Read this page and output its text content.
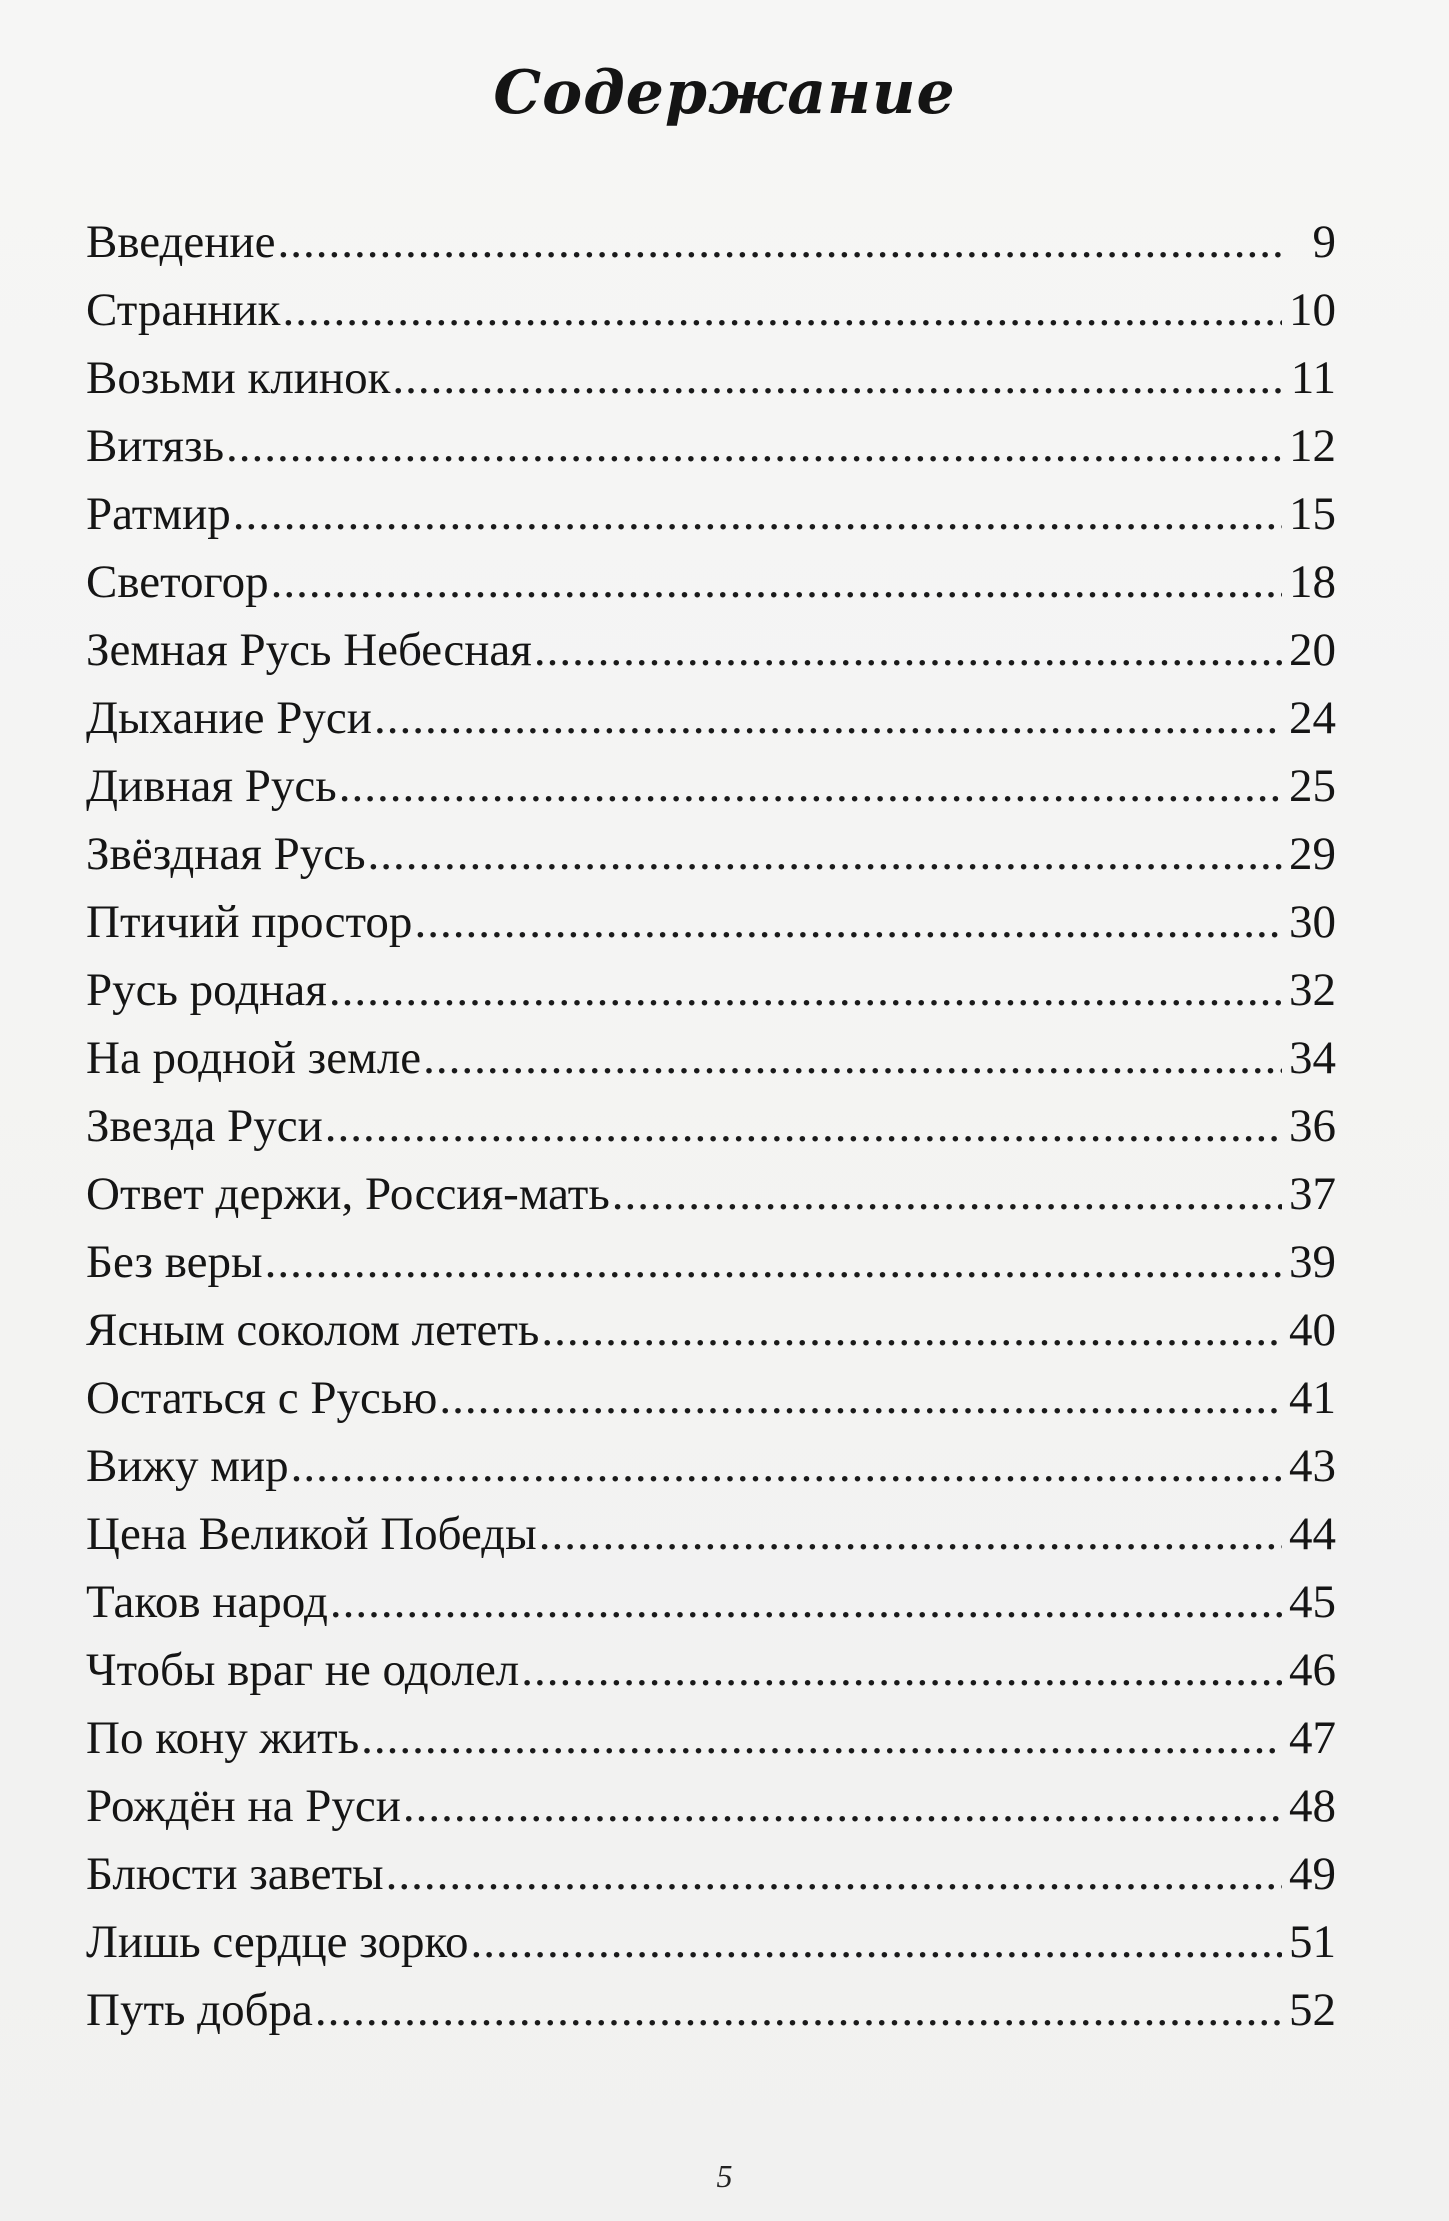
Содержание
Введение .....	9
Странник .....	10
Возьми клинок .....	11
Витязь .....	12
Ратмир .....	15
Светогор .....	18
Земная Русь Небесная .....	20
Дыхание Руси .....	24
Дивная Русь .....	25
Звёздная Русь .....	29
Птичий простор .....	30
Русь родная .....	32
На родной земле .....	34
Звезда Руси .....	36
Ответ держи, Россия-мать .....	37
Без веры .....	39
Ясным соколом лететь .....	40
Остаться с Русью .....	41
Вижу мир .....	43
Цена Великой Победы .....	44
Таков народ .....	45
Чтобы враг не одолел .....	46
По кону жить .....	47
Рождён на Руси .....	48
Блюсти заветы .....	49
Лишь сердце зорко .....	51
Путь добра .....	52
5
